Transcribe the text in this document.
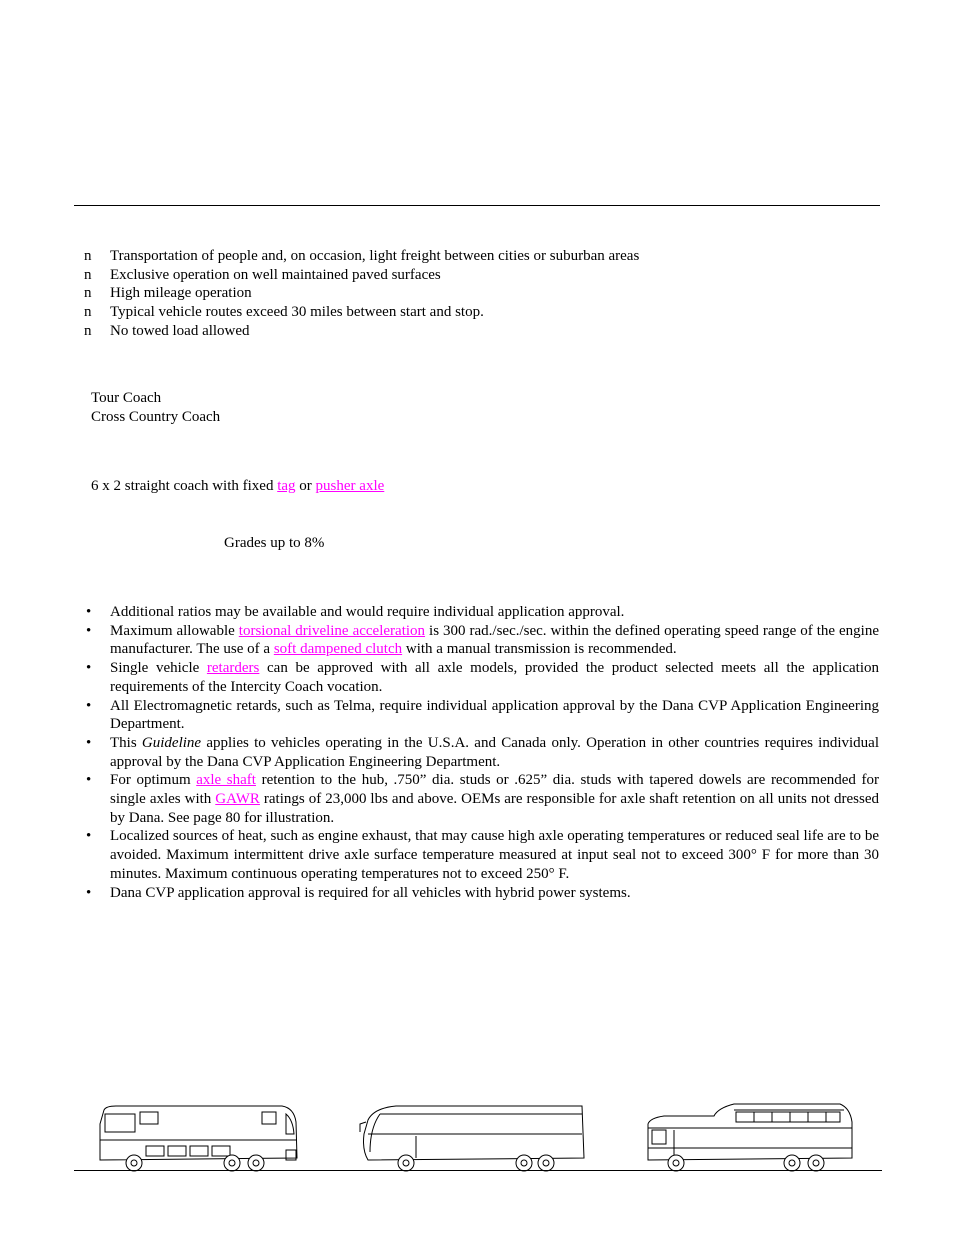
n Transportation of people and, on occasion, light freight between cities or suburban areas
n Exclusive operation on well maintained paved surfaces
n High mileage operation
n Typical vehicle routes exceed 30 miles between start and stop.
n No towed load allowed
Tour Coach
Cross Country Coach
6 x 2 straight coach with fixed tag or pusher axle
Grades up to 8%
•	Additional ratios may be available and would require individual application approval.
•	Maximum allowable torsional driveline acceleration is 300 rad./sec./sec. within the defined operating speed range of the engine manufacturer. The use of a soft dampened clutch with a manual transmission is recommended.
•	Single vehicle retarders can be approved with all axle models, provided the product selected meets all the application requirements of the Intercity Coach vocation.
•	All Electromagnetic retards, such as Telma, require individual application approval by the Dana CVP Application Engineering Department.
•	This Guideline applies to vehicles operating in the U.S.A. and Canada only. Operation in other countries requires individual approval by the Dana CVP Application Engineering Department.
•	For optimum axle shaft retention to the hub, .750” dia. studs or .625” dia. studs with tapered dowels are recommended for single axles with GAWR ratings of 23,000 lbs and above. OEMs are responsible for axle shaft retention on all units not dressed by Dana. See page 80 for illustration.
•	Localized sources of heat, such as engine exhaust, that may cause high axle operating temperatures or reduced seal life are to be avoided. Maximum intermittent drive axle surface temperature measured at input seal not to exceed 300° F for more than 30 minutes. Maximum continuous operating temperatures not to exceed 250° F.
•	Dana CVP application approval is required for all vehicles with hybrid power systems.
